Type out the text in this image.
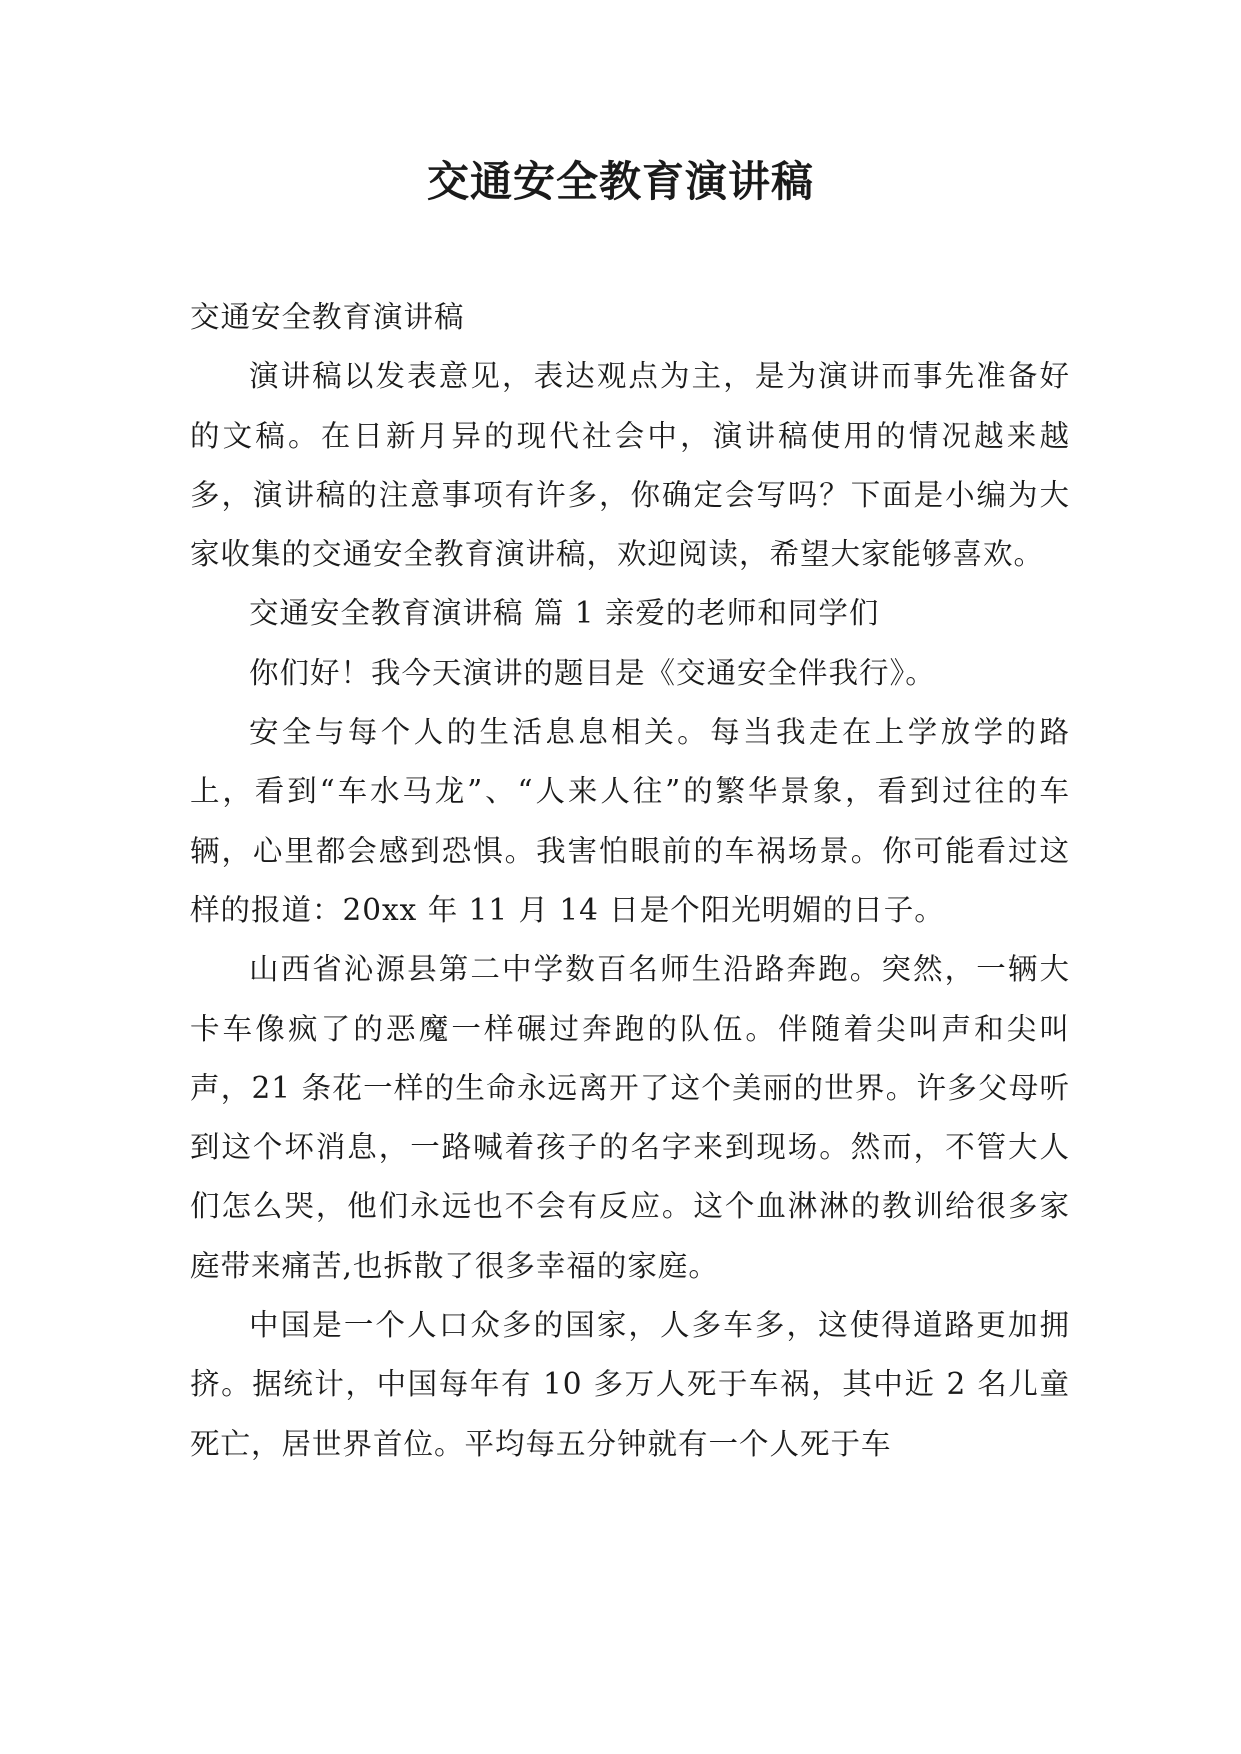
交通安全教育演讲稿

交通安全教育演讲稿

演讲稿以发表意见，表达观点为主，是为演讲而事先准备好的文稿。在日新月异的现代社会中，演讲稿使用的情况越来越多，演讲稿的注意事项有许多，你确定会写吗？下面是小编为大家收集的交通安全教育演讲稿，欢迎阅读，希望大家能够喜欢。

交通安全教育演讲稿 篇 1 亲爱的老师和同学们

你们好！我今天演讲的题目是《交通安全伴我行》。

安全与每个人的生活息息相关。每当我走在上学放学的路上，看到“车水马龙”、“人来人往”的繁华景象，看到过往的车辆，心里都会感到恐惧。我害怕眼前的车祸场景。你可能看过这样的报道：20xx 年 11 月 14 日是个阳光明媚的日子。

山西省沁源县第二中学数百名师生沿路奔跑。突然，一辆大卡车像疯了的恶魔一样碾过奔跑的队伍。伴随着尖叫声和尖叫声，21 条花一样的生命永远离开了这个美丽的世界。许多父母听到这个坏消息，一路喊着孩子的名字来到现场。然而，不管大人们怎么哭，他们永远也不会有反应。这个血淋淋的教训给很多家庭带来痛苦,也拆散了很多幸福的家庭。

中国是一个人口众多的国家，人多车多，这使得道路更加拥挤。据统计，中国每年有 10 多万人死于车祸，其中近 2 名儿童死亡，居世界首位。平均每五分钟就有一个人死于车
